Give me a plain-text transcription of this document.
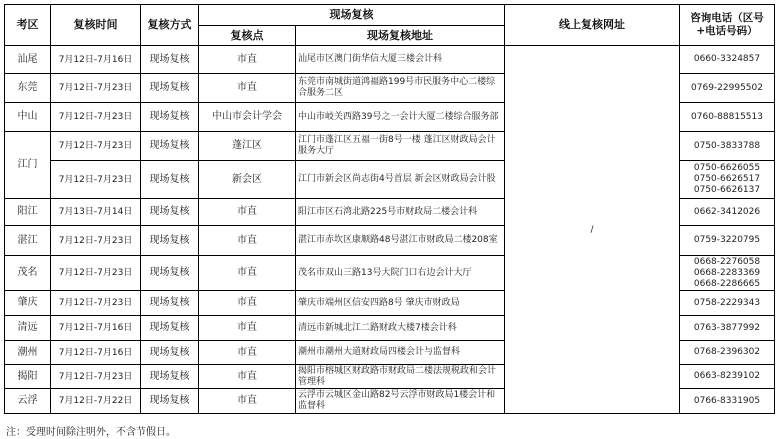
考区	复核时间	复核方式	现场复核		线上复核网址	咨询电话（区号+电话号码）
			复核点	现场复核地址		
汕尾	7月12日-7月16日	现场复核	市直	汕尾市区澳门街华信大厦三楼会计科	/	0660-3324857

东莞	7月12日-7月23日	现场复核	市直	东莞市南城街道鸿福路199号市民服务中心二楼综合服务二区		0769-22995502

中山	7月12日-7月23日	现场复核	中山市会计学会	中山市岐关西路39号之一会计大厦二楼综合服务部		0760-88815513

江门	7月12日-7月23日	现场复核	蓬江区	江门市蓬江区五福一街8号一楼 蓬江区财政局会计服务大厅		0750-3833788

	7月12日-7月23日	现场复核	新会区	江门市新会区尚志街4号首层 新会区财政局会计股		0750-6626055
0750-6626517
0750-6626137

阳江	7月13日-7月14日	现场复核	市直	阳江市区石湾北路225号市财政局二楼会计科		0662-3412026

湛江	7月12日-7月23日	现场复核	市直	湛江市赤坎区康顺路48号湛江市财政局二楼208室		0759-3220795

茂名	7月12日-7月23日	现场复核	市直	茂名市双山三路13号大院门口右边会计大厅		0668-2276058
0668-2283369
0668-2286665

肇庆	7月12日-7月23日	现场复核	市直	肇庆市端州区信安四路8号 肇庆市财政局		0758-2229343

清远	7月12日-7月16日	现场复核	市直	清远市新城北江二路财政大楼7楼会计科		0763-3877992

潮州	7月12日-7月16日	现场复核	市直	潮州市潮州大道财政局四楼会计与监督科		0768-2396302

揭阳	7月12日-7月23日	现场复核	市直	揭阳市榕城区财政路市财政局二楼法规税政和会计管理科		0663-8239102

云浮	7月12日-7月22日	现场复核	市直	云浮市云城区金山路82号云浮市财政局1楼会计和监督科		0766-8331905
注：受理时间除注明外，不含节假日。
